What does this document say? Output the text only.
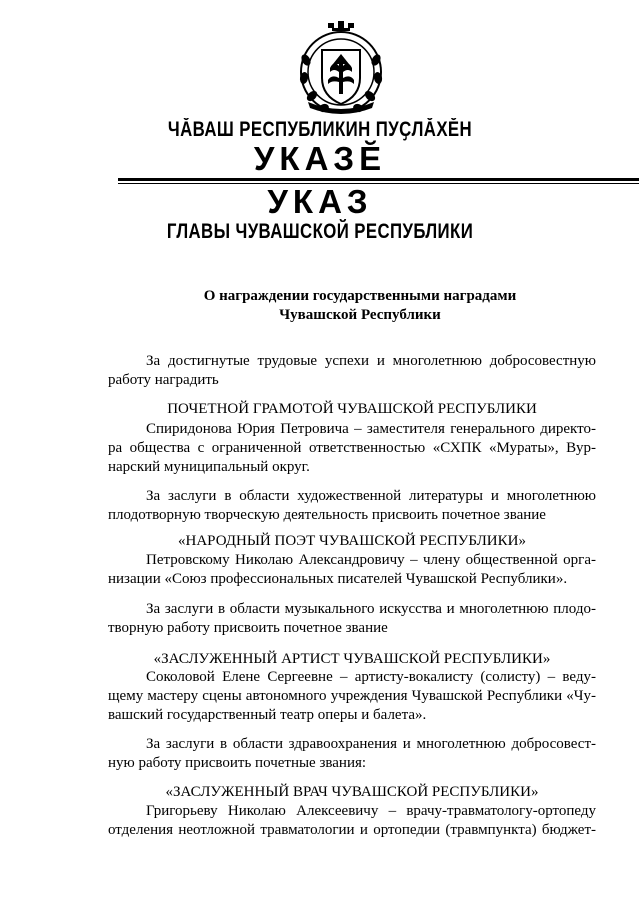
ЧĂВАШ РЕСПУБЛИКИН ПУҪЛĂХĔН
УКАЗĔ
УКАЗ
ГЛАВЫ ЧУВАШСКОЙ РЕСПУБЛИКИ
О награждении государственными наградами
Чувашской Республики
За достигнутые трудовые успехи и многолетнюю добросовестную
работу наградить
ПОЧЕТНОЙ ГРАМОТОЙ ЧУВАШСКОЙ РЕСПУБЛИКИ
Спиридонова Юрия Петровича – заместителя генерального директо-
ра общества с ограниченной ответственностью «СХПК «Мураты», Вур-
нарский муниципальный округ.
За заслуги в области художественной литературы и многолетнюю
плодотворную творческую деятельность присвоить почетное звание
«НАРОДНЫЙ ПОЭТ ЧУВАШСКОЙ РЕСПУБЛИКИ»
Петровскому Николаю Александровичу – члену общественной орга-
низации «Союз профессиональных писателей Чувашской Республики».
За заслуги в области музыкального искусства и многолетнюю плодо-
творную работу присвоить почетное звание
«ЗАСЛУЖЕННЫЙ АРТИСТ ЧУВАШСКОЙ РЕСПУБЛИКИ»
Соколовой Елене Сергеевне – артисту-вокалисту (солисту) – веду-
щему мастеру сцены автономного учреждения Чувашской Республики «Чу-
вашский государственный театр оперы и балета».
За заслуги в области здравоохранения и многолетнюю добросовест-
ную работу присвоить почетные звания:
«ЗАСЛУЖЕННЫЙ ВРАЧ ЧУВАШСКОЙ РЕСПУБЛИКИ»
Григорьеву Николаю Алексеевичу – врачу-травматологу-ортопеду
отделения неотложной травматологии и ортопедии (травмпункта) бюджет-
